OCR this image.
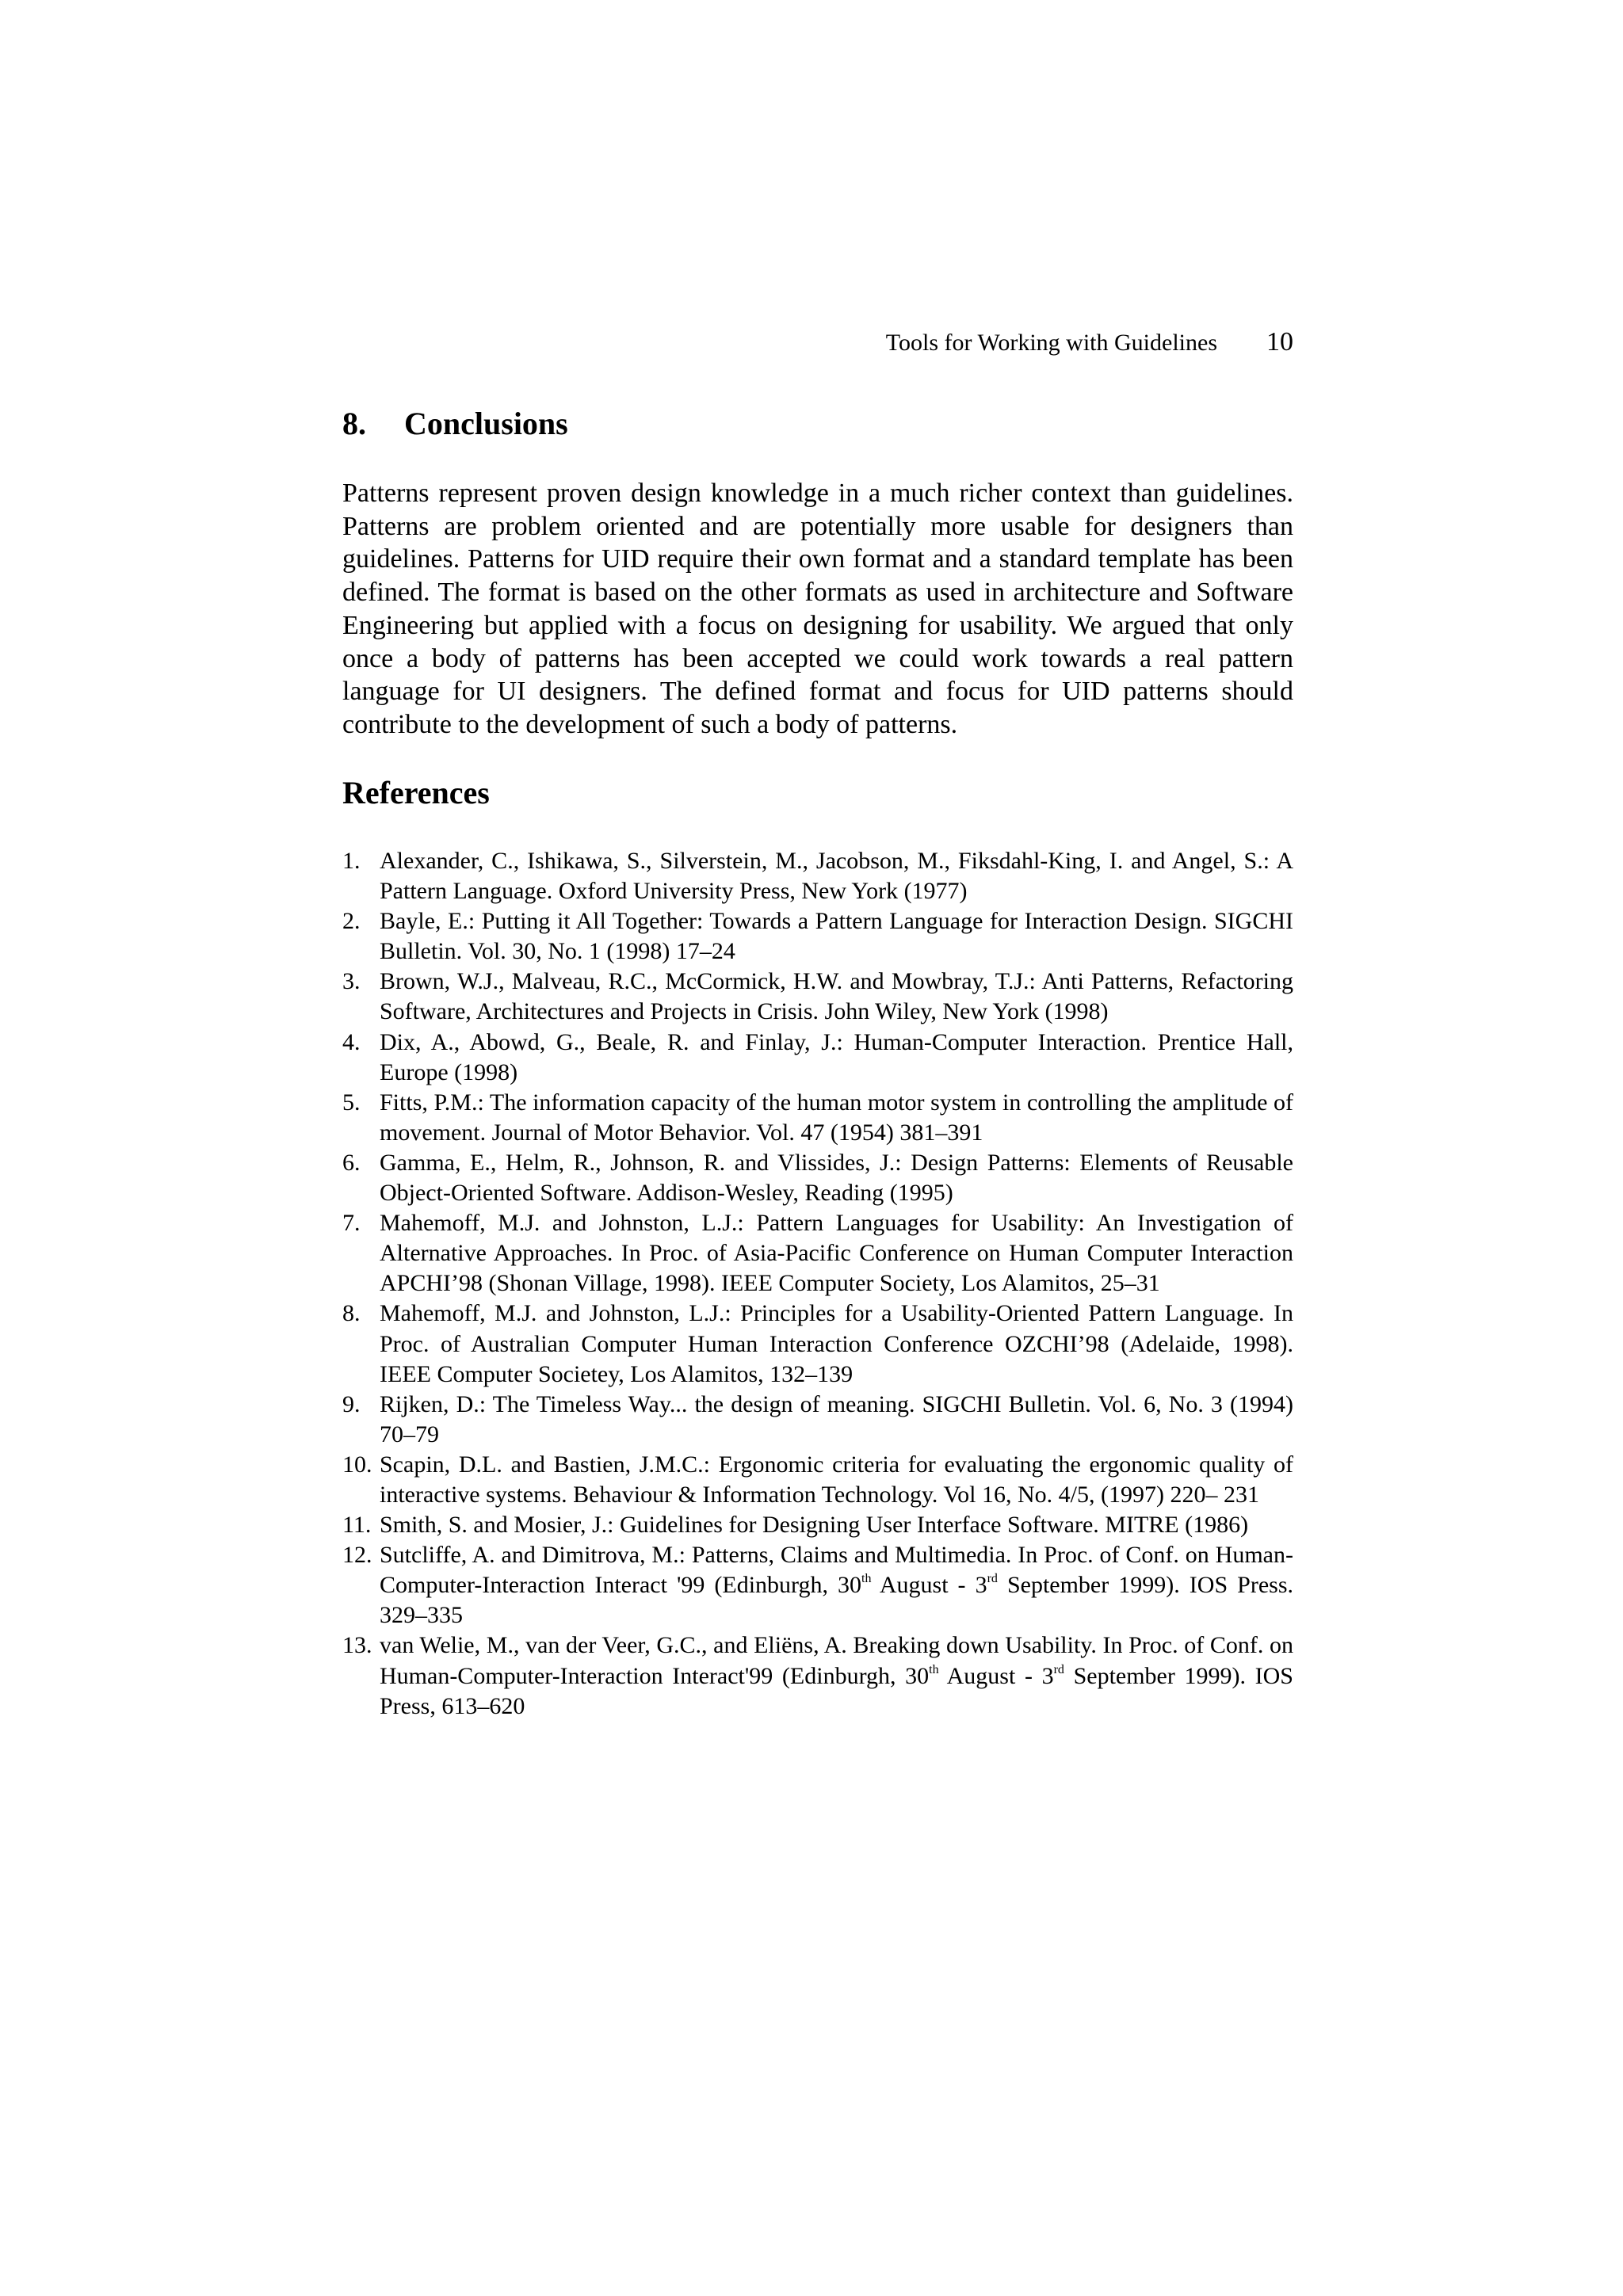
Tools for Working with Guidelines 10
8. Conclusions

Patterns represent proven design knowledge in a much richer context than guidelines. Patterns are problem oriented and are potentially more usable for designers than guidelines. Patterns for UID require their own format and a standard template has been defined. The format is based on the other formats as used in architecture and Software Engineering but applied with a focus on designing for usability. We argued that only once a body of patterns has been accepted we could work towards a real pattern language for UI designers. The defined format and focus for UID patterns should contribute to the development of such a body of patterns.

References
1. Alexander, C., Ishikawa, S., Silverstein, M., Jacobson, M., Fiksdahl-King, I. and Angel, S.: A Pattern Language. Oxford University Press, New York (1977)
2. Bayle, E.: Putting it All Together: Towards a Pattern Language for Interaction Design. SIGCHI Bulletin. Vol. 30, No. 1 (1998) 17–24
3. Brown, W.J., Malveau, R.C., McCormick, H.W. and Mowbray, T.J.: Anti Patterns, Refactoring Software, Architectures and Projects in Crisis. John Wiley, New York (1998)
4. Dix, A., Abowd, G., Beale, R. and Finlay, J.: Human-Computer Interaction. Prentice Hall, Europe (1998)
5. Fitts, P.M.: The information capacity of the human motor system in controlling the amplitude of movement. Journal of Motor Behavior. Vol. 47 (1954) 381–391
6. Gamma, E., Helm, R., Johnson, R. and Vlissides, J.: Design Patterns: Elements of Reusable Object-Oriented Software. Addison-Wesley, Reading (1995)
7. Mahemoff, M.J. and Johnston, L.J.: Pattern Languages for Usability: An Investigation of Alternative Approaches. In Proc. of Asia-Pacific Conference on Human Computer Interaction APCHI’98 (Shonan Village, 1998). IEEE Computer Society, Los Alamitos, 25–31
8. Mahemoff, M.J. and Johnston, L.J.: Principles for a Usability-Oriented Pattern Language. In Proc. of Australian Computer Human Interaction Conference OZCHI’98 (Adelaide, 1998). IEEE Computer Societey, Los Alamitos, 132–139
9. Rijken, D.: The Timeless Way... the design of meaning. SIGCHI Bulletin. Vol. 6, No. 3 (1994) 70–79
10. Scapin, D.L. and Bastien, J.M.C.: Ergonomic criteria for evaluating the ergonomic quality of interactive systems. Behaviour & Information Technology. Vol 16, No. 4/5, (1997) 220– 231
11. Smith, S. and Mosier, J.: Guidelines for Designing User Interface Software. MITRE (1986)
12. Sutcliffe, A. and Dimitrova, M.: Patterns, Claims and Multimedia. In Proc. of Conf. on Human-Computer-Interaction Interact '99 (Edinburgh, 30th August - 3rd September 1999). IOS Press. 329–335
13. van Welie, M., van der Veer, G.C., and Eliëns, A. Breaking down Usability. In Proc. of Conf. on Human-Computer-Interaction Interact'99 (Edinburgh, 30th August - 3rd September 1999). IOS Press, 613–620
